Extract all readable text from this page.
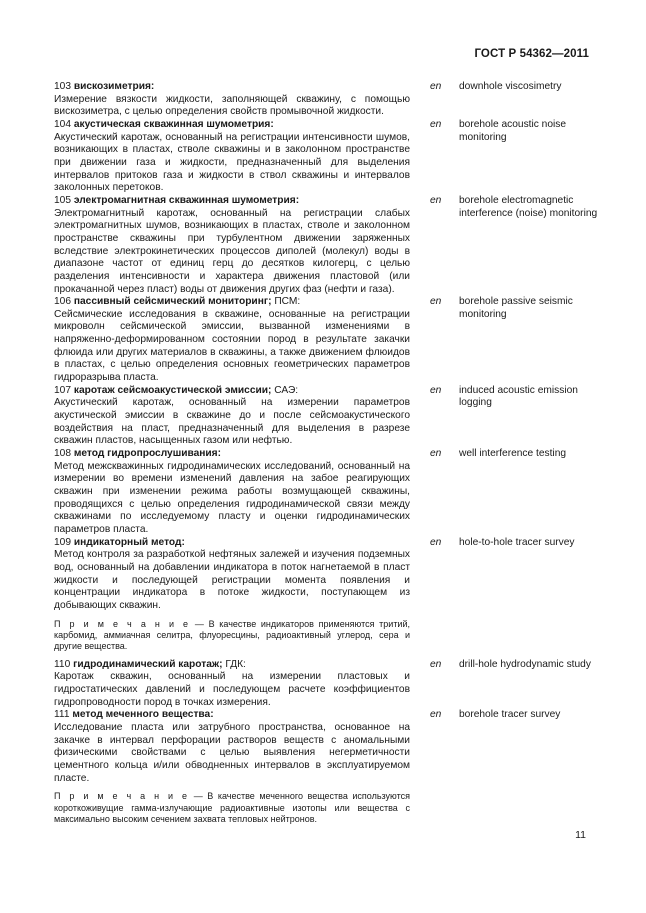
ГОСТ Р 54362—2011
103 вискозиметрия:
Измерение вязкости жидкости, заполняющей скважину, с помощью вискозиметра, с целью определения свойств промывочной жидкости.
en downhole viscosimetry
104 акустическая скважинная шумометрия:
Акустический каротаж, основанный на регистрации интенсивности шумов, возникающих в пластах, стволе скважины и в заколонном пространстве при движении газа и жидкости, предназначенный для выделения интервалов притоков газа и жидкости в ствол скважины и интервалов заколонных перетоков.
en borehole acoustic noise monitoring
105 электромагнитная скважинная шумометрия:
Электромагнитный каротаж, основанный на регистрации слабых электромагнитных шумов, возникающих в пластах, стволе и заколонном пространстве скважины при турбулентном движении заряженных вследствие электрокинетических процессов диполей (молекул) воды в диапазоне частот от единиц герц до десятков килогерц, с целью разделения интенсивности и характера движения пластовой (или прокачанной через пласт) воды от движения других фаз (нефти и газа).
en borehole electromagnetic interference (noise) monitoring
106 пассивный сейсмический мониторинг; ПСМ:
Сейсмические исследования в скважине, основанные на регистрации микроволн сейсмической эмиссии, вызванной изменениями в напряженно-деформированном состоянии пород в результате закачки флюида или других материалов в скважины, а также движением флюидов в пластах, с целью определения основных геометрических параметров гидроразрыва пласта.
en borehole passive seismic monitoring
107 каротаж сейсмоакустической эмиссии; САЭ:
Акустический каротаж, основанный на измерении параметров акустической эмиссии в скважине до и после сейсмоакустического воздействия на пласт, предназначенный для выделения в разрезе скважин пластов, насыщенных газом или нефтью.
en induced acoustic emission logging
108 метод гидропрослушивания:
Метод межскважинных гидродинамических исследований, основанный на измерении во времени изменений давления на забое реагирующих скважин при изменении режима работы возмущающей скважины, проводящихся с целью определения гидродинамической связи между скважинами по исследуемому пласту и оценки гидродинамических параметров пласта.
en well interference testing
109 индикаторный метод:
Метод контроля за разработкой нефтяных залежей и изучения подземных вод, основанный на добавлении индикатора в поток нагнетаемой в пласт жидкости и последующей регистрации момента появления и концентрации индикатора в потоке жидкости, поступающем из добывающих скважин.
П р и м е ч а н и е — В качестве индикаторов применяются тритий, карбомид, аммиачная селитра, флуоресцины, радиоактивный углерод, сера и другие вещества.
en hole-to-hole tracer survey
110 гидродинамический каротаж; ГДК:
Каротаж скважин, основанный на измерении пластовых и гидростатических давлений и последующем расчете коэффициентов гидропроводности пород в точках измерения.
en drill-hole hydrodynamic study
111 метод меченного вещества:
Исследование пласта или затрубного пространства, основанное на закачке в интервал перфорации растворов веществ с аномальными физическими свойствами с целью выявления негерметичности цементного кольца и/или обводненных интервалов в эксплуатируемом пласте.
П р и м е ч а н и е — В качестве меченного вещества используются короткоживущие гамма-излучающие радиоактивные изотопы или вещества с максимально высоким сечением захвата тепловых нейтронов.
en borehole tracer survey
11
